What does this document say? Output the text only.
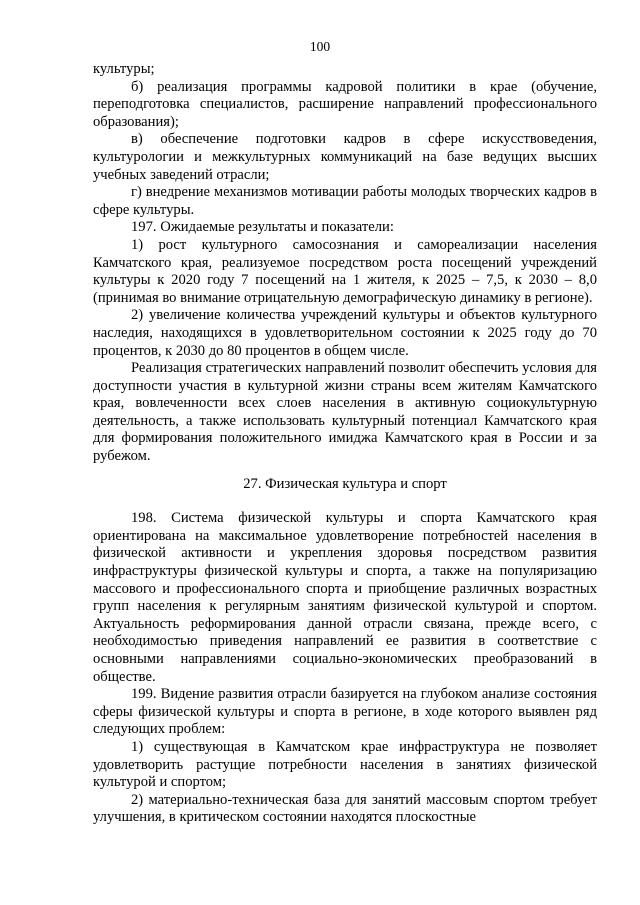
100

культуры;

б) реализация программы кадровой политики в крае (обучение, переподготовка специалистов, расширение направлений профессионального образования);

в) обеспечение подготовки кадров в сфере искусствоведения, культурологии и межкультурных коммуникаций на базе ведущих высших учебных заведений отрасли;

г) внедрение механизмов мотивации работы молодых творческих кадров в сфере культуры.

197. Ожидаемые результаты и показатели:

1) рост культурного самосознания и самореализации населения Камчатского края, реализуемое посредством роста посещений учреждений культуры к 2020 году 7 посещений на 1 жителя, к 2025 – 7,5, к 2030 – 8,0 (принимая во внимание отрицательную демографическую динамику в регионе).

2) увеличение количества учреждений культуры и объектов культурного наследия, находящихся в удовлетворительном состоянии к 2025 году до 70 процентов, к 2030 до 80 процентов в общем числе.

Реализация стратегических направлений позволит обеспечить условия для доступности участия в культурной жизни страны всем жителям Камчатского края, вовлеченности всех слоев населения в активную социокультурную деятельность, а также использовать культурный потенциал Камчатского края для формирования положительного имиджа Камчатского края в России и за рубежом.

27. Физическая культура и спорт

198. Система физической культуры и спорта Камчатского края ориентирована на максимальное удовлетворение потребностей населения в физической активности и укрепления здоровья посредством развития инфраструктуры физической культуры и спорта, а также на популяризацию массового и профессионального спорта и приобщение различных возрастных групп населения к регулярным занятиям физической культурой и спортом. Актуальность реформирования данной отрасли связана, прежде всего, с необходимостью приведения направлений ее развития в соответствие с основными направлениями социально-экономических преобразований в обществе.

199. Видение развития отрасли базируется на глубоком анализе состояния сферы физической культуры и спорта в регионе, в ходе которого выявлен ряд следующих проблем:

1) существующая в Камчатском крае инфраструктура не позволяет удовлетворить растущие потребности населения в занятиях физической культурой и спортом;

2) материально-техническая база для занятий массовым спортом требует улучшения, в критическом состоянии находятся плоскостные
